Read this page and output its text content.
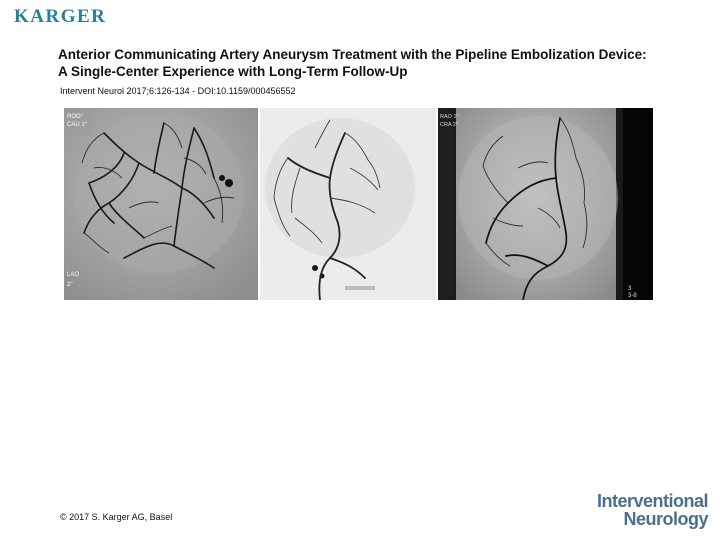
KARGER
Anterior Communicating Artery Aneurysm Treatment with the Pipeline Embolization Device: A Single-Center Experience with Long-Term Follow-Up
Intervent Neurol 2017;6:126-134 - DOI:10.1159/000456552
ROO°
CAU 1°
LAO
2°
RAO 1°
CRA 2°
3
3-8
© 2017 S. Karger AG, Basel
Interventional
Neurology
